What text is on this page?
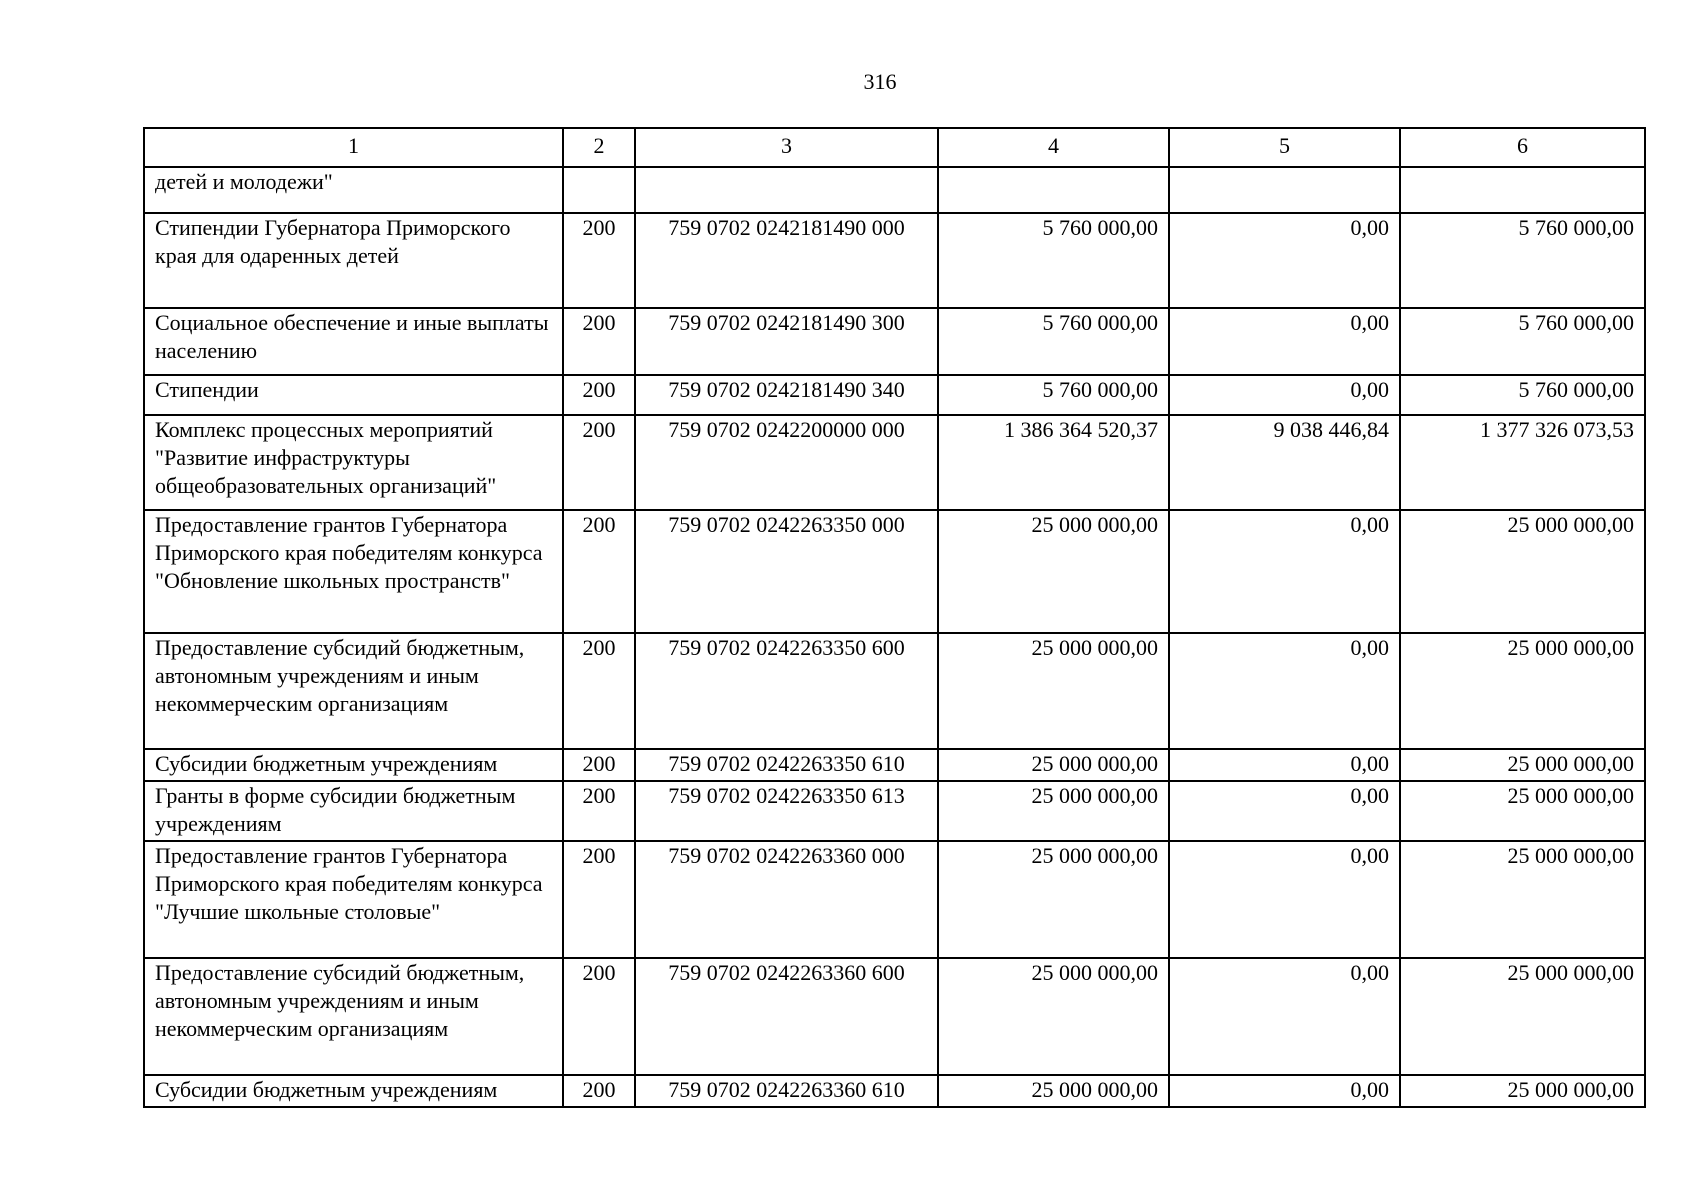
316
1	2	3	4	5	6
детей и молодежи"					
Стипендии Губернатора Приморского края для одаренных детей	200	759 0702 0242181490 000	5 760 000,00	0,00	5 760 000,00
Социальное обеспечение и иные выплаты населению	200	759 0702 0242181490 300	5 760 000,00	0,00	5 760 000,00
Стипендии	200	759 0702 0242181490 340	5 760 000,00	0,00	5 760 000,00
Комплекс процессных мероприятий "Развитие инфраструктуры общеобразовательных организаций"	200	759 0702 0242200000 000	1 386 364 520,37	9 038 446,84	1 377 326 073,53
Предоставление грантов Губернатора Приморского края победителям конкурса "Обновление школьных пространств"	200	759 0702 0242263350 000	25 000 000,00	0,00	25 000 000,00
Предоставление субсидий бюджетным, автономным учреждениям и иным некоммерческим организациям	200	759 0702 0242263350 600	25 000 000,00	0,00	25 000 000,00
Субсидии бюджетным учреждениям	200	759 0702 0242263350 610	25 000 000,00	0,00	25 000 000,00
Гранты в форме субсидии бюджетным учреждениям	200	759 0702 0242263350 613	25 000 000,00	0,00	25 000 000,00
Предоставление грантов Губернатора Приморского края победителям конкурса "Лучшие школьные столовые"	200	759 0702 0242263360 000	25 000 000,00	0,00	25 000 000,00
Предоставление субсидий бюджетным, автономным учреждениям и иным некоммерческим организациям	200	759 0702 0242263360 600	25 000 000,00	0,00	25 000 000,00
Субсидии бюджетным учреждениям	200	759 0702 0242263360 610	25 000 000,00	0,00	25 000 000,00
